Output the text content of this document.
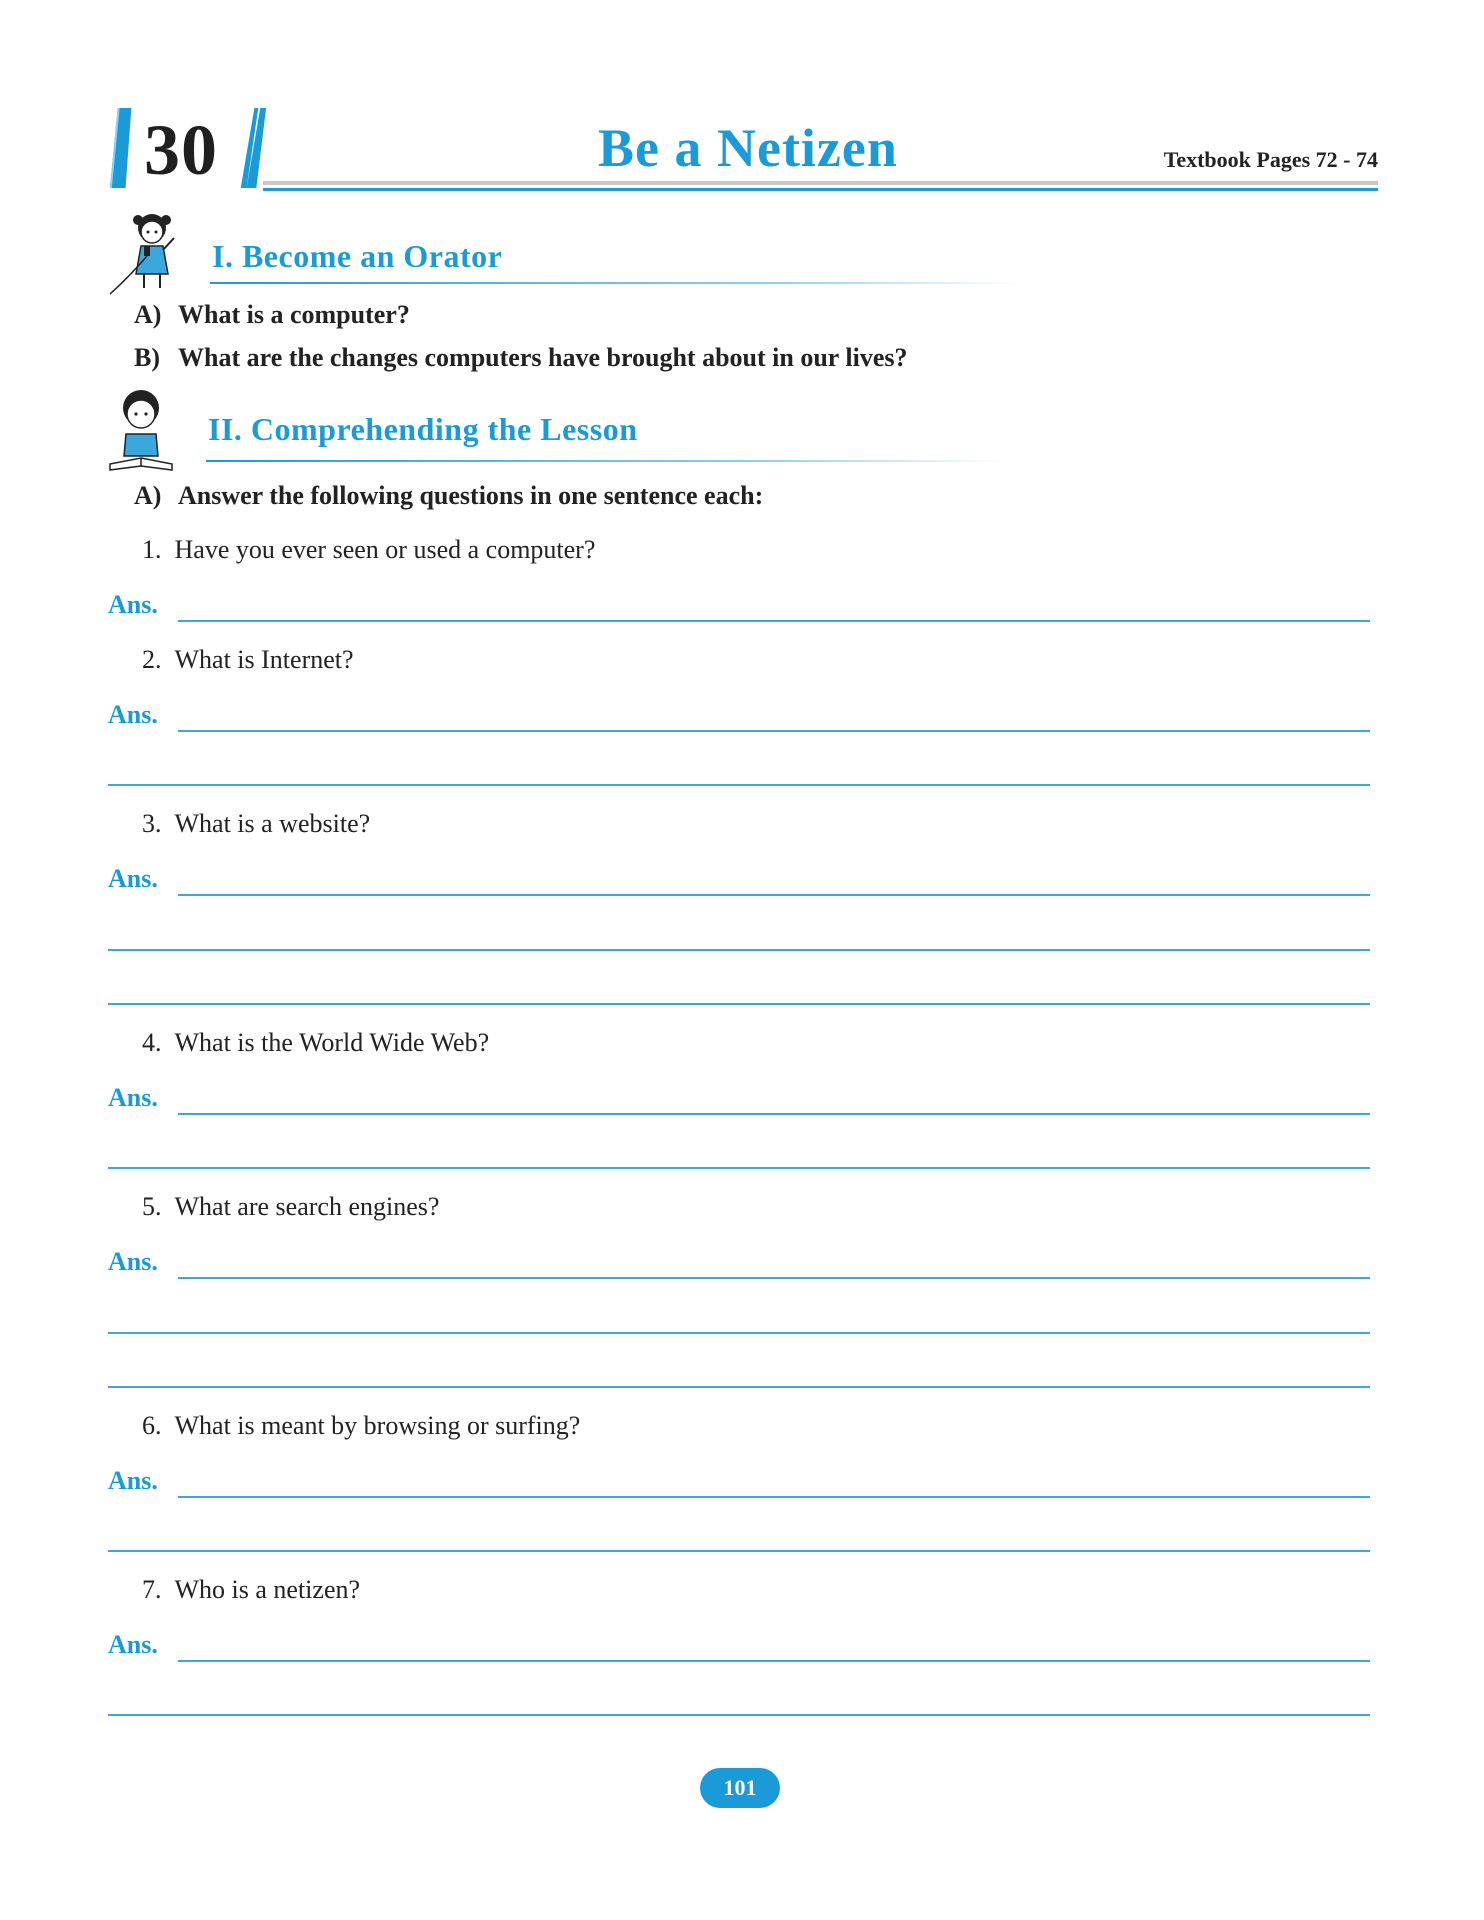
30	Be a Netizen	Textbook Pages 72 - 74
I. Become an Orator
A) What is a computer?
B) What are the changes computers have brought about in our lives?
II. Comprehending the Lesson
A) Answer the following questions in one sentence each:
1. Have you ever seen or used a computer?
Ans.
2. What is Internet?
Ans.
3. What is a website?
Ans.
4. What is the World Wide Web?
Ans.
5. What are search engines?
Ans.
6. What is meant by browsing or surfing?
Ans.
7. Who is a netizen?
Ans.
101
